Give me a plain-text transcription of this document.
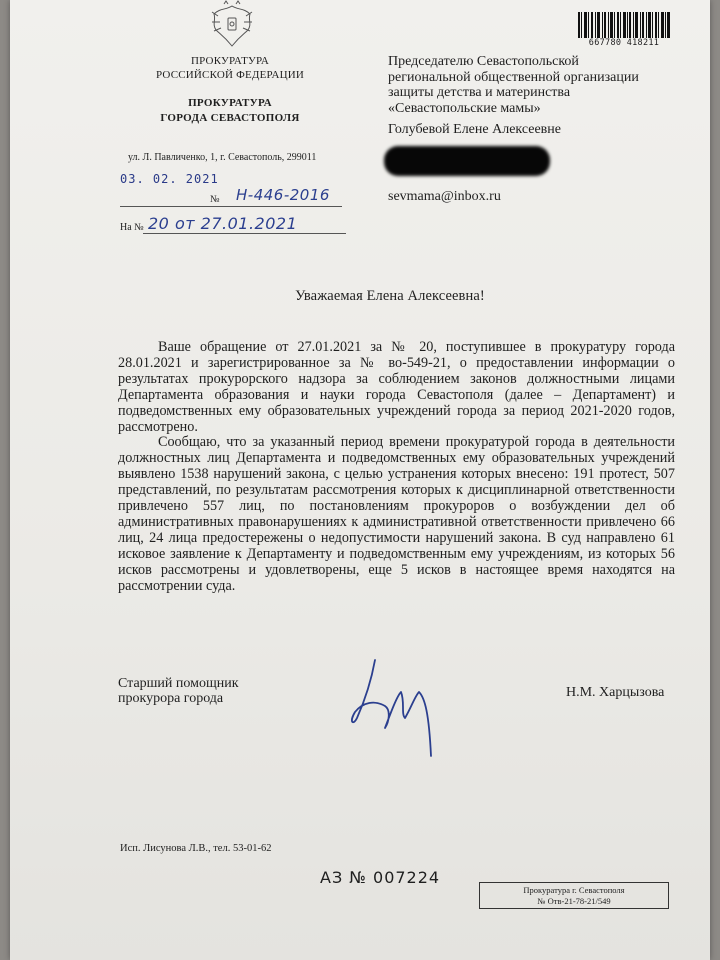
ПРОКУРАТУРА
РОССИЙСКОЙ ФЕДЕРАЦИИ
ПРОКУРАТУРА
ГОРОДА СЕВАСТОПОЛЯ
ул. Л. Павличенко, 1, г. Севастополь, 299011
03. 02. 2021
№ Н-446-2016
На № 20 от 27.01.2021
667780 418211
Председателю Севастопольской
региональной общественной организации
защиты детства и материнства
«Севастопольские мамы»
Голубевой Елене Алексеевне
sevmama@inbox.ru
Уважаемая Елена Алексеевна!

Ваше обращение от 27.01.2021 за № 20, поступившее в прокуратуру города 28.01.2021 и зарегистрированное за № во-549-21, о предоставлении информации о результатах прокурорского надзора за соблюдением законов должностными лицами Департамента образования и науки города Севастополя (далее – Департамент) и подведомственных ему образовательных учреждений города за период 2021-2020 годов, рассмотрено.

Сообщаю, что за указанный период времени прокуратурой города в деятельности должностных лиц Департамента и подведомственных ему образовательных учреждений выявлено 1538 нарушений закона, с целью устранения которых внесено: 191 протест, 507 представлений, по результатам рассмотрения которых к дисциплинарной ответственности привлечено 557 лиц, по постановлениям прокуроров о возбуждении дел об административных правонарушениях к административной ответственности привлечено 66 лиц, 24 лица предостережены о недопустимости нарушений закона. В суд направлено 61 исковое заявление к Департаменту и подведомственным ему учреждениям, из которых 56 исков рассмотрены и удовлетворены, еще 5 исков в настоящее время находятся на рассмотрении суда.

Старший помощник
прокурора города	Н.М. Харцызова
Исп. Лисунова Л.В., тел. 53-01-62
АЗ № 007224
Прокуратура г. Севастополя
№ Отв-21-78-21/549
